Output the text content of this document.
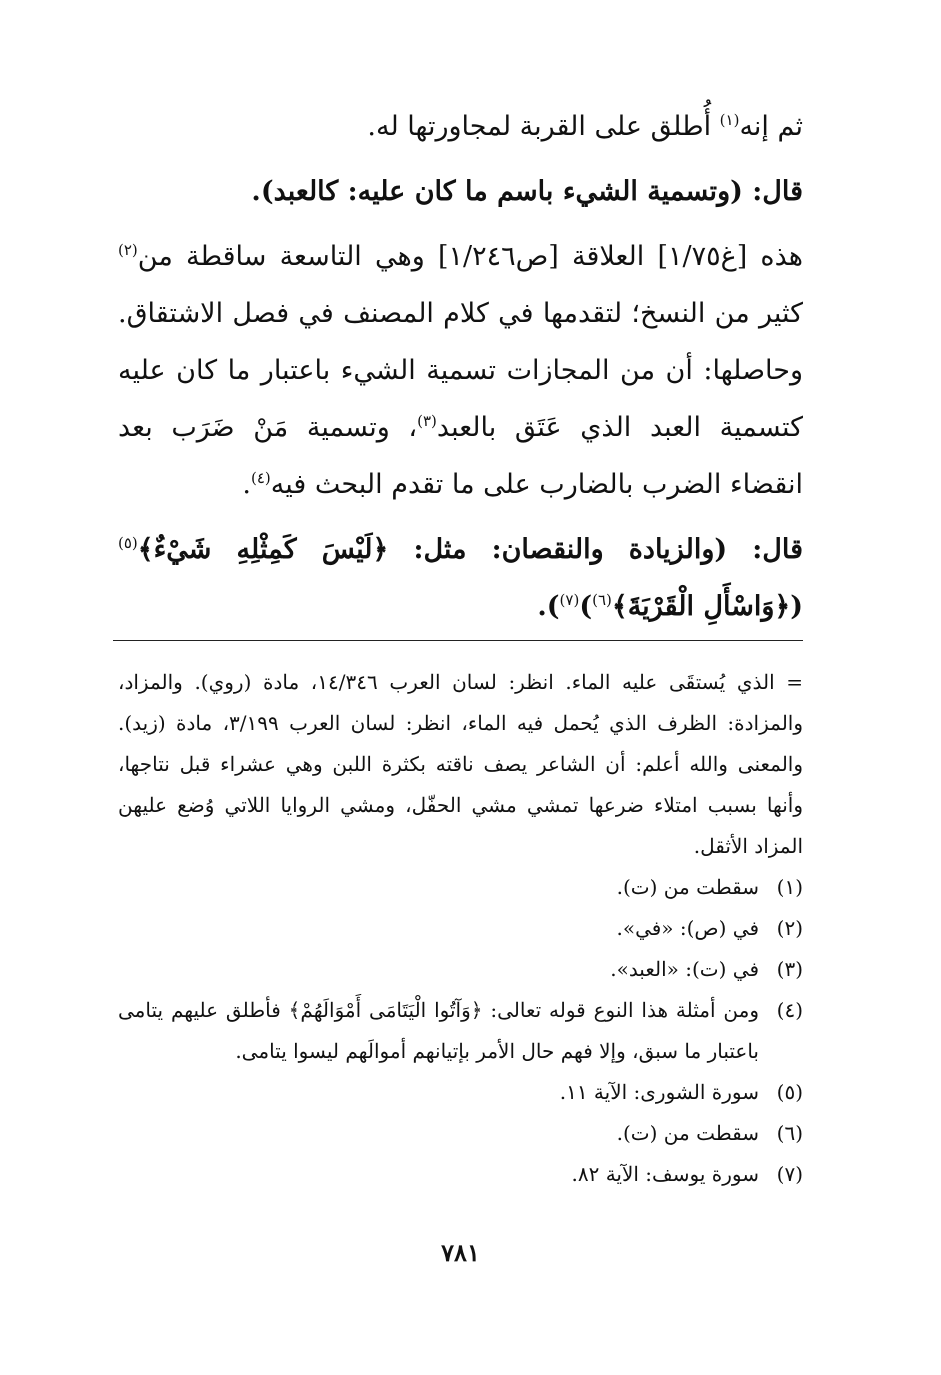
ثم إنه$^{(١)}$ أُطلق على القربة لمجاورتها له.

قال: (وتسمية الشيء باسم ما كان عليه: كالعبد).

هذه [غ١/٧٥] العلاقة [ص١/٢٤٦] وهي التاسعة ساقطة من$^{(٢)}$ كثير من النسخ؛ لتقدمها في كلام المصنف في فصل الاشتقاق. وحاصلها: أن من المجازات تسمية الشيء باعتبار ما كان عليه كتسمية العبد الذي عَتَق بالعبد$^{(٣)}$، وتسمية مَنْ ضَرَب بعد انقضاء الضرب بالضارب على ما تقدم البحث فيه$^{(٤)}$.

قال: (والزيادة والنقصان: مثل: ﴿لَيْسَ كَمِثْلِهِ شَيْءٌ﴾$^{(٥)}$(﴿وَاسْأَلِ الْقَرْيَةَ﴾$^{(٦)}$)$^{(٧)}$).

= الذي يُستقَى عليه الماء. انظر: لسان العرب ١٤/٣٤٦، مادة (روي). والمزاد، والمزادة: الظرف الذي يُحمل فيه الماء، انظر: لسان العرب ٣/١٩٩، مادة (زيد). والمعنى والله أعلم: أن الشاعر يصف ناقته بكثرة اللبن وهي عشراء قبل نتاجها، وأنها بسبب امتلاء ضرعها تمشي مشي الحفّل، ومشي الروايا اللاتي وُضع عليهن المزاد الأثقل.

(١)
سقطت من (ت).
(٢)
في (ص): «في».
(٣)
في (ت): «العبد».
(٤)
ومن أمثلة هذا النوع قوله تعالى: ﴿وَآتُوا الْيَتَامَى أَمْوَالَهُمْ﴾ فأطلق عليهم يتامى باعتبار ما سبق، وإلا فهم حال الأمر بإتيانهم أموالَهم ليسوا يتامى.
(٥)
سورة الشورى: الآية ١١.
(٦)
سقطت من (ت).
(٧)
سورة يوسف: الآية ٨٢.
٧٨١
